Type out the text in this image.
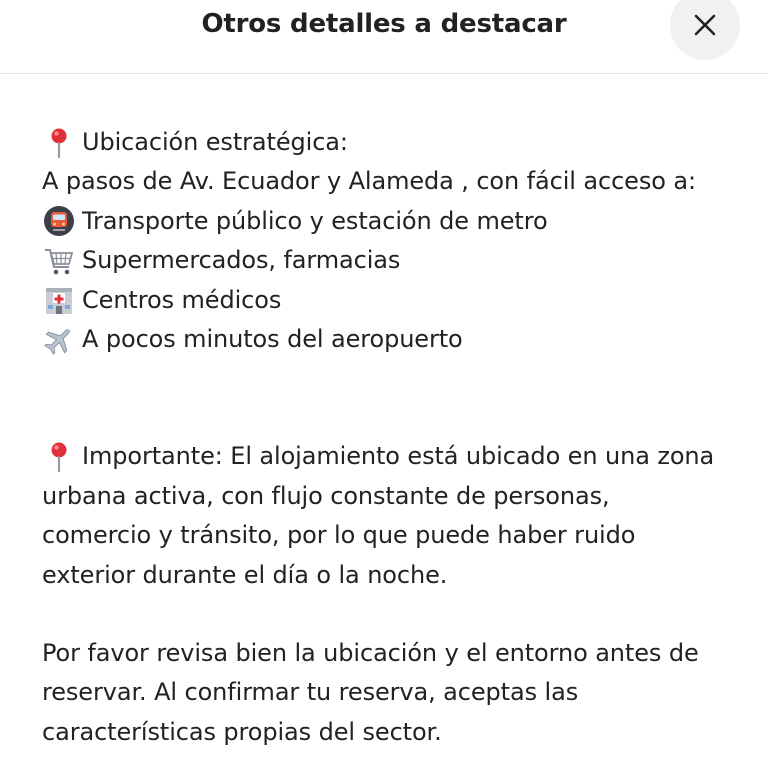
Otros detalles a destacar
Ubicación estratégica:
A pasos de Av. Ecuador y Alameda , con fácil acceso a:
Transporte público y estación de metro
Supermercados, farmacias
Centros médicos
A pocos minutos del aeropuerto
Importante: El alojamiento está ubicado en una zona
urbana activa, con flujo constante de personas,
comercio y tránsito, por lo que puede haber ruido
exterior durante el día o la noche.
Por favor revisa bien la ubicación y el entorno antes de
reservar. Al confirmar tu reserva, aceptas las
características propias del sector.
